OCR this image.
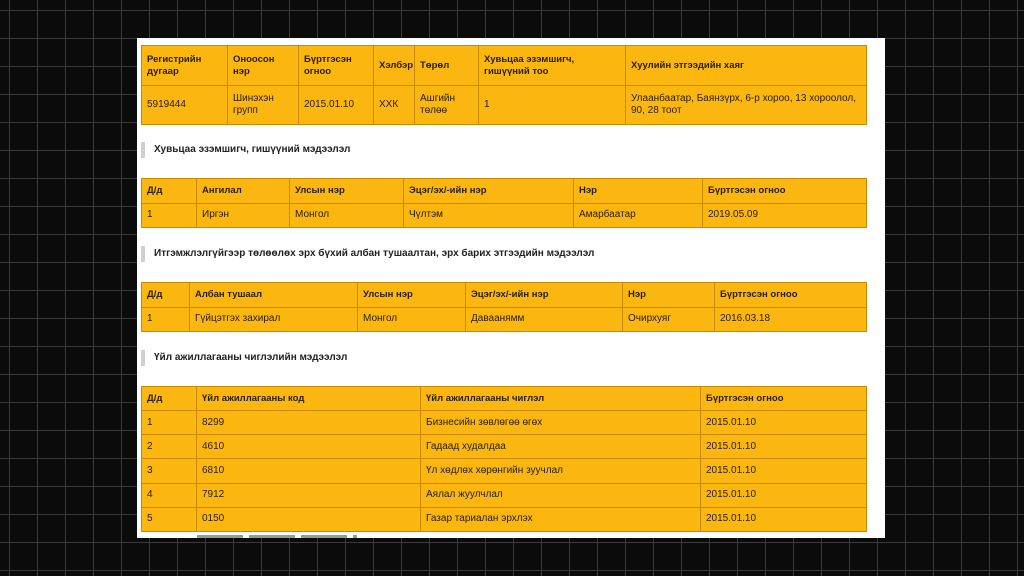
Регистрийн дугаар	Оноосон нэр	Бүртгэсэн огноо	Хэлбэр	Төрөл	Хувьцаа эзэмшигч, гишүүний тоо	Хуулийн этгээдийн хаяг
5919444	Шинэхэн групп	2015.01.10	ХХК	Ашгийн төлөө	1	Улаанбаатар, Баянзүрх, 6-р хороо, 13 хороолол, 90, 28 тоот
Хувьцаа эзэмшигч, гишүүний мэдээлэл
Д/д	Ангилал	Улсын нэр	Эцэг/эх/-ийн нэр	Нэр	Бүртгэсэн огноо
1	Иргэн	Монгол	Чүлтэм	Амарбаатар	2019.05.09
Итгэмжлэлгүйгээр төлөөлөх эрх бүхий албан тушаалтан, эрх барих этгээдийн мэдээлэл
Д/д	Албан тушаал	Улсын нэр	Эцэг/эх/-ийн нэр	Нэр	Бүртгэсэн огноо
1	Гүйцэтгэх захирал	Монгол	Даваанямм	Очирхуяг	2016.03.18
Үйл ажиллагааны чиглэлийн мэдээлэл
Д/д	Үйл ажиллагааны код	Үйл ажиллагааны чиглэл	Бүртгэсэн огноо
1	8299	Бизнесийн зөвлөгөө өгөх	2015.01.10
2	4610	Гадаад худалдаа	2015.01.10
3	6810	Үл хөдлөх хөрөнгийн зуучлал	2015.01.10
4	7912	Аялал жуулчлал	2015.01.10
5	0150	Газар тариалан эрхлэх	2015.01.10
